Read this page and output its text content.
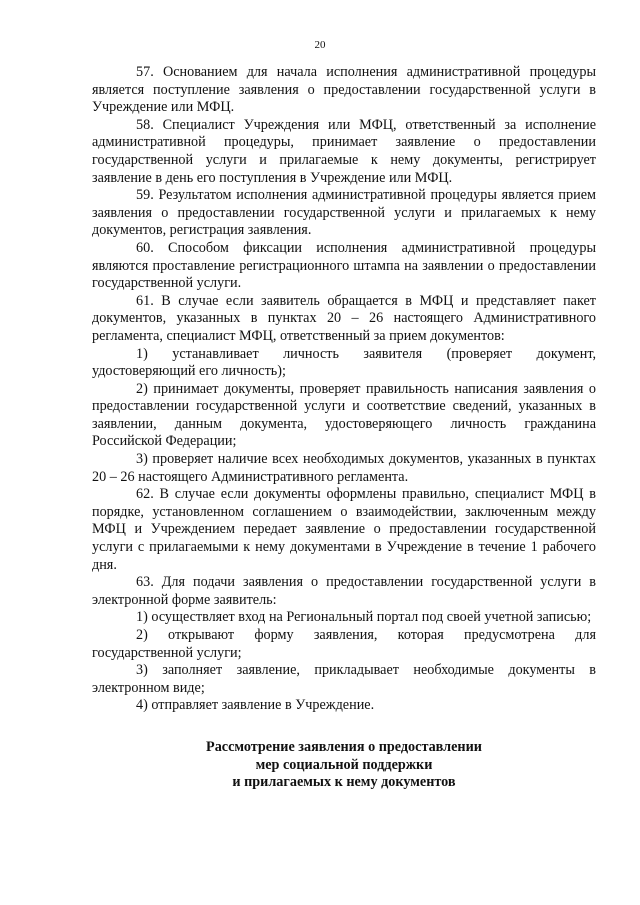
20

57. Основанием для начала исполнения административной процедуры является поступление заявления о предоставлении государственной услуги в Учреждение или МФЦ.

58. Специалист Учреждения или МФЦ, ответственный за исполнение административной процедуры, принимает заявление о предоставлении государственной услуги и прилагаемые к нему документы, регистрирует заявление в день его поступления в Учреждение или МФЦ.

59. Результатом исполнения административной процедуры является прием заявления о предоставлении государственной услуги и прилагаемых к нему документов, регистрация заявления.

60. Способом фиксации исполнения административной процедуры являются проставление регистрационного штампа на заявлении о предоставлении государственной услуги.

61. В случае если заявитель обращается в МФЦ и представляет пакет документов, указанных в пунктах 20 – 26 настоящего Административного регламента, специалист МФЦ, ответственный за прием документов:

1) устанавливает личность заявителя (проверяет документ, удостоверяющий его личность);

2) принимает документы, проверяет правильность написания заявления о предоставлении государственной услуги и соответствие сведений, указанных в заявлении, данным документа, удостоверяющего личность гражданина Российской Федерации;

3) проверяет наличие всех необходимых документов, указанных в пунктах 20 – 26 настоящего Административного регламента.

62. В случае если документы оформлены правильно, специалист МФЦ в порядке, установленном соглашением о взаимодействии, заключенным между МФЦ и Учреждением передает заявление о предоставлении государственной услуги с прилагаемыми к нему документами в Учреждение в течение 1 рабочего дня.

63. Для подачи заявления о предоставлении государственной услуги в электронной форме заявитель:

1) осуществляет вход на Региональный портал под своей учетной записью;

2) открывают форму заявления, которая предусмотрена для государственной услуги;

3) заполняет заявление, прикладывает необходимые документы в электронном виде;

4) отправляет заявление в Учреждение.

Рассмотрение заявления о предоставлении
мер социальной поддержки
и прилагаемых к нему документов
